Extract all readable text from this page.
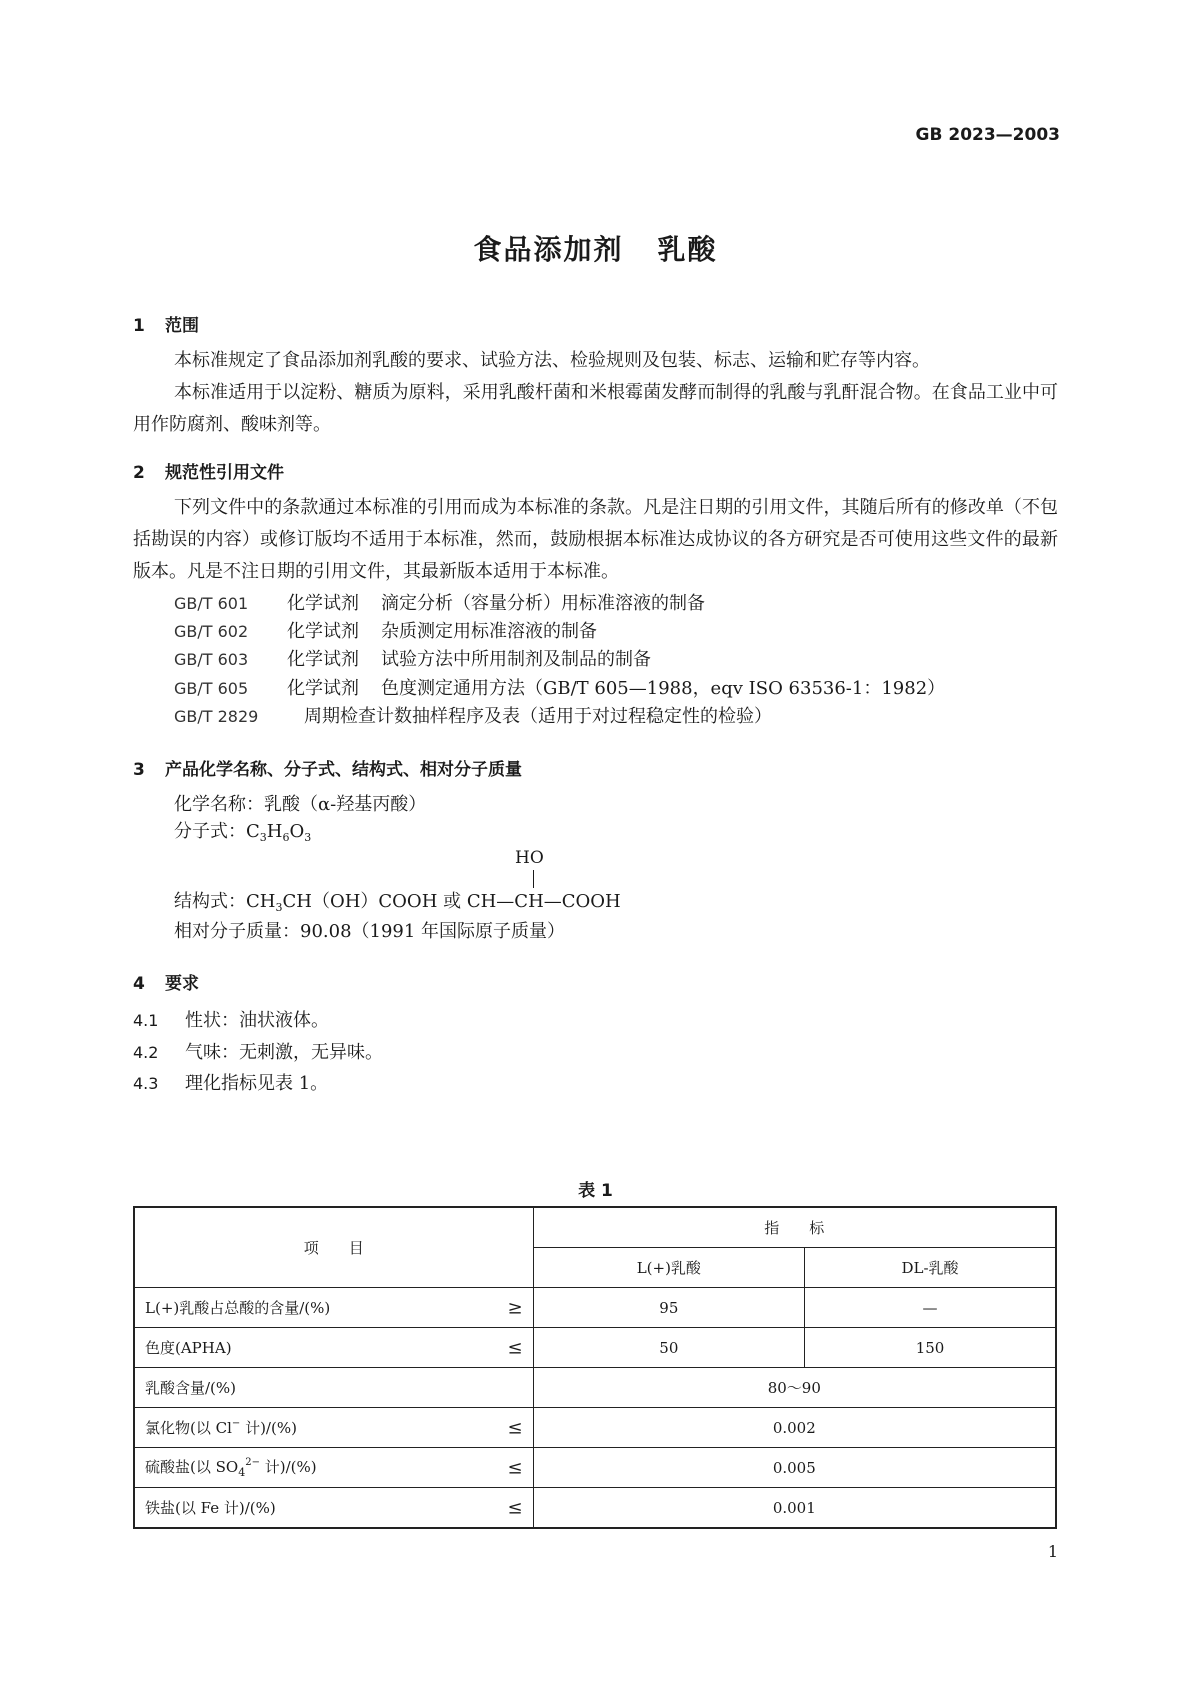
GB 2023—2003
食品添加剂 乳酸
1 范围

本标准规定了食品添加剂乳酸的要求、试验方法、检验规则及包装、标志、运输和贮存等内容。

本标准适用于以淀粉、糖质为原料，采用乳酸杆菌和米根霉菌发酵而制得的乳酸与乳酐混合物。在食品工业中可用作防腐剂、酸味剂等。

2 规范性引用文件

下列文件中的条款通过本标准的引用而成为本标准的条款。凡是注日期的引用文件，其随后所有的修改单（不包括勘误的内容）或修订版均不适用于本标准，然而，鼓励根据本标准达成协议的各方研究是否可使用这些文件的最新版本。凡是不注日期的引用文件，其最新版本适用于本标准。

GB/T 601 化学试剂 滴定分析（容量分析）用标准溶液的制备
GB/T 602 化学试剂 杂质测定用标准溶液的制备
GB/T 603 化学试剂 试验方法中所用制剂及制品的制备
GB/T 605 化学试剂 色度测定通用方法（GB/T 605—1988，eqv ISO 63536-1：1982）
GB/T 2829	周期检查计数抽样程序及表（适用于对过程稳定性的检验）
3 产品化学名称、分子式、结构式、相对分子质量
化学名称：乳酸（α-羟基丙酸）
分子式：$C_3H_6O_3$
HO
结构式：$CH_3CH(OH)COOH$ 或 CH—CH—COOH
相对分子质量：90.08（1991 年国际原子质量）
4 要求
4.1 性状：油状液体。
4.2 气味：无刺激，无异味。
4.3 理化指标见表 1。
表 1
项　　目	指　　标	
	L(+)乳酸	DL-乳酸
L(+)乳酸占总酸的含量/(%) ≥	95	—
色度(APHA) ≤	50	150
乳酸含量/(%)	80～90	
氯化物(以 Cl− 计)/(%) ≤	0.002	
硫酸盐(以 $SO_4^{2-}$ 计)/(%) ≤	0.005	
铁盐(以 Fe 计)/(%) ≤	0.001	
1
